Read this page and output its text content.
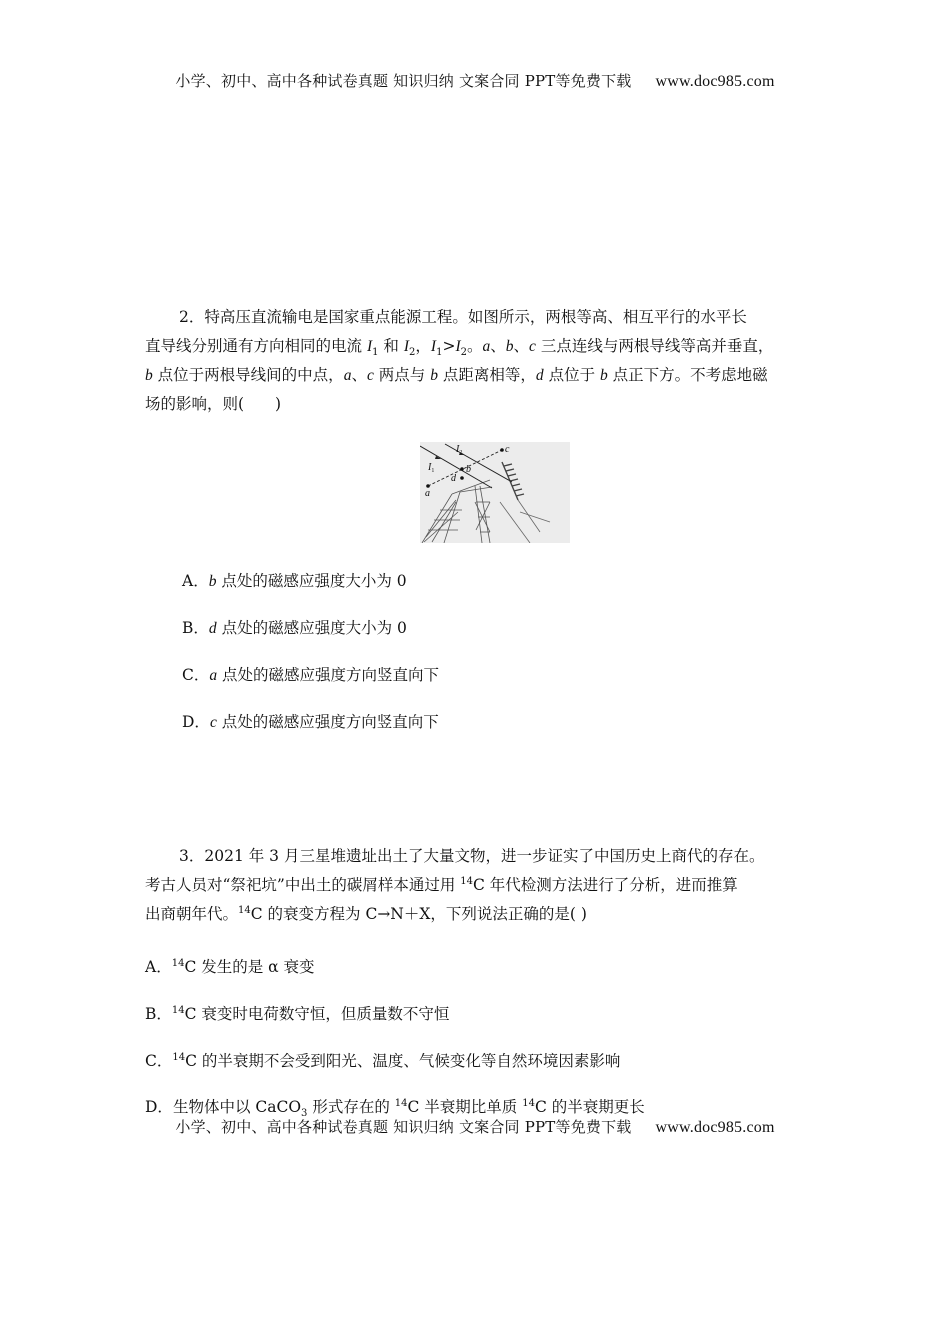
小学、初中、高中各种试卷真题 知识归纳 文案合同 PPT等免费下载 www.doc985.com

2．特高压直流输电是国家重点能源工程。如图所示，两根等高、相互平行的水平长
直导线分别通有方向相同的电流 $I_1$ 和 $I_2$，$I_1>I_2$。a、b、c 三点连线与两根导线等高并垂直，
b 点位于两根导线间的中点，a、c 两点与 b 点距离相等，d 点位于 b 点正下方。不考虑地磁
场的影响，则(　　)

$I_1$
$I_2$
a
b
c
d
A．b 点处的磁感应强度大小为 0
B．d 点处的磁感应强度大小为 0
C．a 点处的磁感应强度方向竖直向下
D．c 点处的磁感应强度方向竖直向下

3．2021 年 3 月三星堆遗址出土了大量文物，进一步证实了中国历史上商代的存在。
考古人员对“祭祀坑”中出土的碳屑样本通过用 $^{14}$C 年代检测方法进行了分析，进而推算
出商朝年代。$^{14}$C 的衰变方程为 C→N＋X，下列说法正确的是( )

A．$^{14}$C 发生的是 α 衰变
B．$^{14}$C 衰变时电荷数守恒，但质量数不守恒
C．$^{14}$C 的半衰期不会受到阳光、温度、气候变化等自然环境因素影响
D．生物体中以 CaCO$_3$ 形式存在的 $^{14}$C 半衰期比单质 $^{14}$C 的半衰期更长
小学、初中、高中各种试卷真题 知识归纳 文案合同 PPT等免费下载 www.doc985.com
